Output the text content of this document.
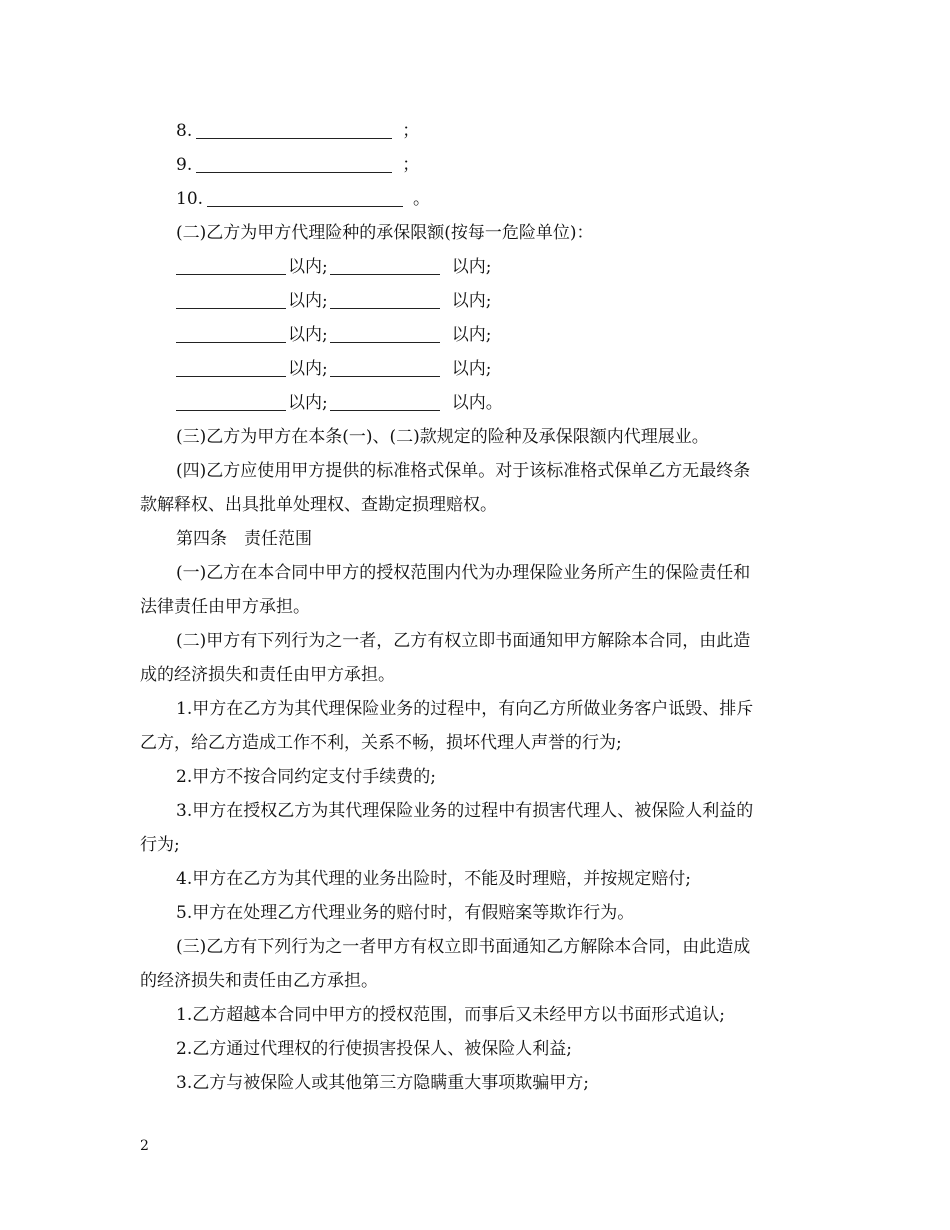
8.	；
9.	；
10.	。
(二)乙方为甲方代理险种的承保限额(按每一危险单位)：
以内;	以内;
以内;	以内;
以内;	以内;
以内;	以内;
以内;	以内。
(三)乙方为甲方在本条(一)、(二)款规定的险种及承保限额内代理展业。
(四)乙方应使用甲方提供的标准格式保单。对于该标准格式保单乙方无最终条
款解释权、出具批单处理权、查勘定损理赔权。
第四条　责任范围
(一)乙方在本合同中甲方的授权范围内代为办理保险业务所产生的保险责任和
法律责任由甲方承担。
(二)甲方有下列行为之一者，乙方有权立即书面通知甲方解除本合同，由此造
成的经济损失和责任由甲方承担。
1.甲方在乙方为其代理保险业务的过程中，有向乙方所做业务客户诋毁、排斥
乙方，给乙方造成工作不利，关系不畅，损坏代理人声誉的行为;
2.甲方不按合同约定支付手续费的;
3.甲方在授权乙方为其代理保险业务的过程中有损害代理人、被保险人利益的
行为;
4.甲方在乙方为其代理的业务出险时，不能及时理赔，并按规定赔付;
5.甲方在处理乙方代理业务的赔付时，有假赔案等欺诈行为。
(三)乙方有下列行为之一者甲方有权立即书面通知乙方解除本合同，由此造成
的经济损失和责任由乙方承担。
1.乙方超越本合同中甲方的授权范围，而事后又未经甲方以书面形式追认;
2.乙方通过代理权的行使损害投保人、被保险人利益;
3.乙方与被保险人或其他第三方隐瞒重大事项欺骗甲方;
2
